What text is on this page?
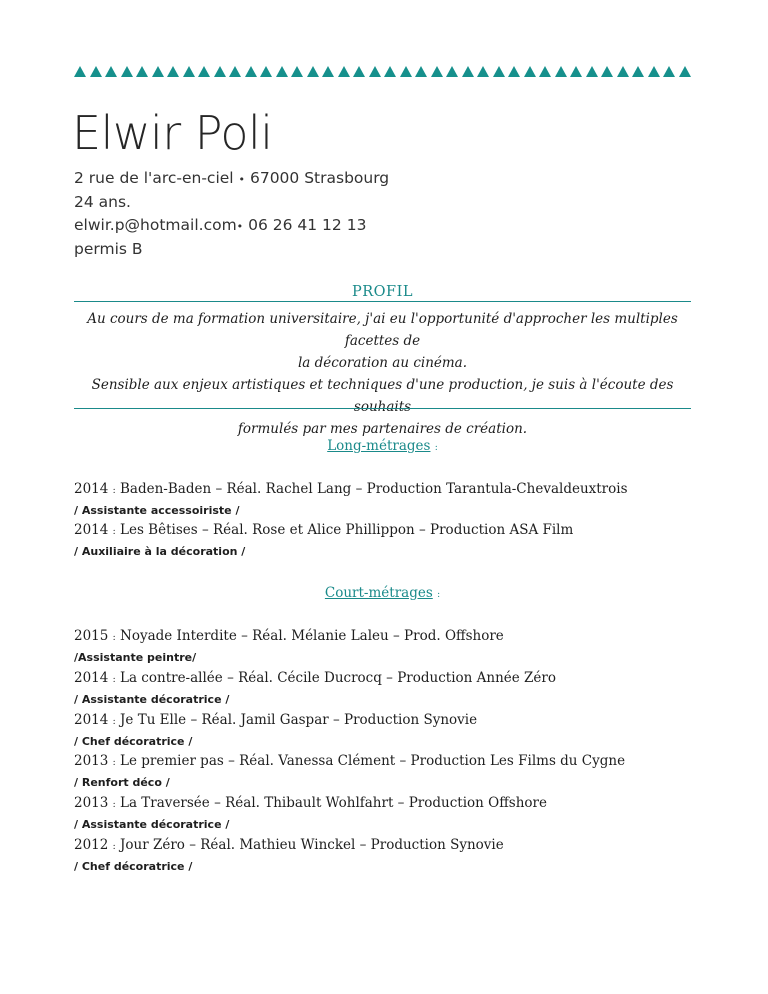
Elwir Poli
2 rue de l'arc-en-ciel • 67000 Strasbourg
24 ans.
elwir.p@hotmail.com• 06 26 41 12 13
permis B
PROFIL
Au cours de ma formation universitaire, j'ai eu l'opportunité d'approcher les multiples facettes de
la décoration au cinéma.
Sensible aux enjeux artistiques et techniques d'une production, je suis à l'écoute des souhaits
formulés par mes partenaires de création.
Long-métrages :
2014 : Baden-Baden – Réal. Rachel Lang – Production Tarantula-Chevaldeuxtrois
/ Assistante accessoiriste /
2014 : Les Bêtises – Réal. Rose et Alice Phillippon – Production ASA Film
/ Auxiliaire à la décoration /
Court-métrages :
2015 : Noyade Interdite – Réal. Mélanie Laleu – Prod. Offshore
/Assistante peintre/
2014 : La contre-allée – Réal. Cécile Ducrocq – Production Année Zéro
/ Assistante décoratrice /
2014 : Je Tu Elle – Réal. Jamil Gaspar – Production Synovie
/ Chef décoratrice /
2013 : Le premier pas – Réal. Vanessa Clément – Production Les Films du Cygne
/ Renfort déco /
2013 : La Traversée – Réal. Thibault Wohlfahrt – Production Offshore
/ Assistante décoratrice /
2012 : Jour Zéro – Réal. Mathieu Winckel – Production Synovie
/ Chef décoratrice /
